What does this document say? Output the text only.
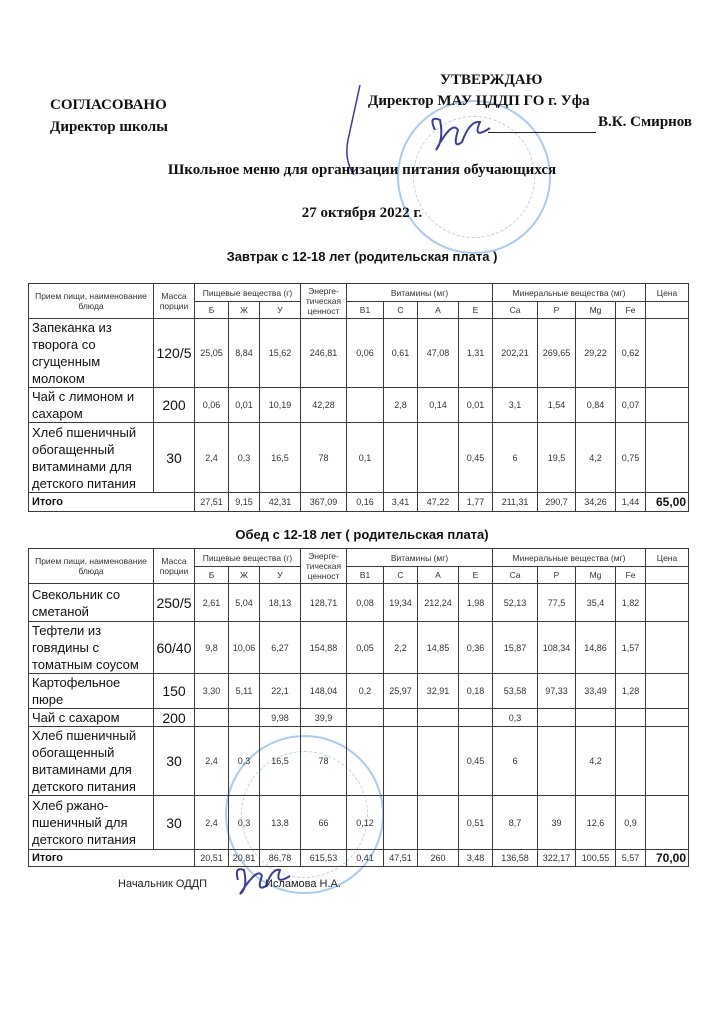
СОГЛАСОВАНО
Директор школы
УТВЕРЖДАЮ
Директор МАУ ЦДДП ГО г. Уфа
В.К. Смирнов
Школьное меню для организации питания обучающихся
27 октября 2022 г.
Завтрак с 12-18 лет (родительская плата )
Прием пищи, наименование блюда	Масса порции	Пищевые вещества (г)			Энерге-тическая ценност	Витамины (мг)				Минеральные вещества (мг)				Цена
		Б	Ж	У		B1	C	A	E	Ca	P	Mg	Fe	
Запеканка из творога со сгущенным молоком	120/5	25,05	8,84	15,62	246,81	0,06	0,61	47,08	1,31	202,21	269,65	29,22	0,62	
Чай с лимоном и сахаром	200	0,06	0,01	10,19	42,28		2,8	0,14	0,01	3,1	1,54	0,84	0,07	
Хлеб пшеничный обогащенный витаминами для детского питания	30	2,4	0,3	16,5	78	0,1			0,45	6	19,5	4,2	0,75	
Итого		27,51	9,15	42,31	367,09	0,16	3,41	47,22	1,77	211,31	290,7	34,26	1,44	65,00
Обед с 12-18 лет ( родительская плата)
Прием пищи, наименование блюда	Масса порции	Пищевые вещества (г)			Энерге-тическая ценност	Витамины (мг)				Минеральные вещества (мг)				Цена
		Б	Ж	У		B1	C	A	E	Ca	P	Mg	Fe	
Свекольник со сметаной	250/5	2,61	5,04	18,13	128,71	0,08	19,34	212,24	1,98	52,13	77,5	35,4	1,82	
Тефтели из говядины с томатным соусом	60/40	9,8	10,06	6,27	154,88	0,05	2,2	14,85	0,36	15,87	108,34	14,86	1,57	
Картофельное пюре	150	3,30	5,11	22,1	148,04	0,2	25,97	32,91	0,18	53,58	97,33	33,49	1,28	
Чай с сахаром	200			9,98	39,9					0,3				
Хлеб пшеничный обогащенный витаминами для детского питания	30	2,4	0,3	16,5	78				0,45	6		4,2		
Хлеб ржано-пшеничный для детского питания	30	2,4	0,3	13,8	66	0,12			0,51	8,7	39	12,6	0,9	
Итого		20,51	20,81	86,78	615,53	0,41	47,51	260	3,48	136,58	322,17	100,55	5,57	70,00
Начальник ОДДП	Исламова Н.А.
